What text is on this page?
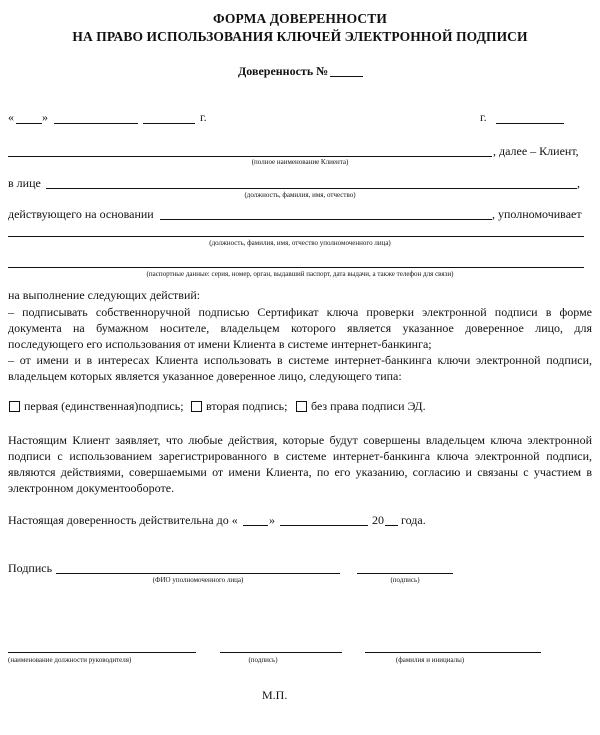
ФОРМА ДОВЕРЕННОСТИ
НА ПРАВО ИСПОЛЬЗОВАНИЯ КЛЮЧЕЙ ЭЛЕКТРОННОЙ ПОДПИСИ
Доверенность №
« »	г.	г.
, далее – Клиент,
(полное наименование Клиента)
в лице	,
(должность, фамилия, имя, отчество)
действующего на основании	, уполномочивает
(должность, фамилия, имя, отчество уполномоченного лица)
(паспортные данные: серия, номер, орган, выдавший паспорт, дата выдачи, а также телефон для связи)
на выполнение следующих действий:
– подписывать собственноручной подписью Сертификат ключа проверки электронной подписи в форме
документа на бумажном носителе, владельцем которого является указанное доверенное лицо, для
последующего его использования от имени Клиента в системе интернет-банкинга;
– от имени и в интересах Клиента использовать в системе интернет-банкинга ключи электронной подписи,
владельцем которых является указанное доверенное лицо, следующего типа:
первая (единственная)подпись; вторая подпись; без права подписи ЭД.
Настоящим Клиент заявляет, что любые действия, которые будут совершены владельцем ключа электронной
подписи с использованием зарегистрированного в системе интернет-банкинга ключа электронной подписи,
являются действиями, совершаемыми от имени Клиента, по его указанию, согласию и связаны с участием в
электронном документообороте.
Настоящая доверенность действительна до «	»	20 года.
Подпись
(ФИО уполномоченного лица)	(подпись)
(наименование должности руководителя)	(подпись)	(фамилия и инициалы)
М.П.
